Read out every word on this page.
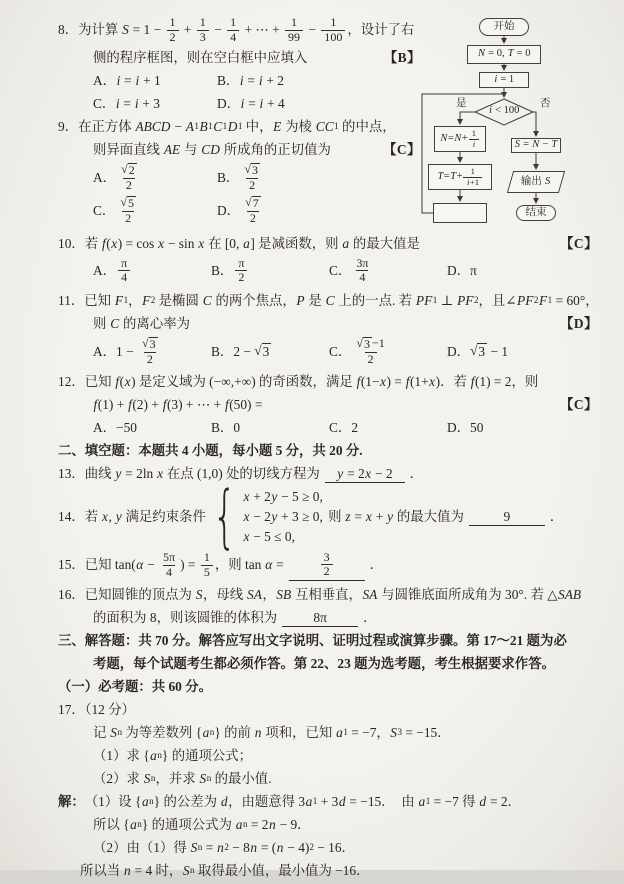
8．为计算 $S = 1 - \frac{1}{2} + \frac{1}{3} - \frac{1}{4}$ + ⋯ + $\frac{1}{99} - \frac{1}{100}$ ，设计了右
侧的程序框图，则在空白框中应填入	【B】
A． i = i + 1	B． i = i + 2
C． i = i + 3	D． i = i + 4
9．在正方体 ABCD − A 1 B 1 C 1 D 1 中， E 为棱 CC 1 的中点，
则异面直线 AE 与 CD 所成角的正切值为	【C】
A． $\frac{√ 2}{2}$	B． $\frac{√ 3}{2}$
C． $\frac{√ 5}{2}$	D． $\frac{√ 7}{2}$
10．若 f ( x ) = cos x − sin x 在 [0, a ] 是减函数，则 a 的最大值是	【C】
A． $\frac{\pi}{4}$	B． $\frac{\pi}{2}$	C． $\frac{3\pi}{4}$	D．π
11．已知 F 1 ， F 2 是椭圆 C 的两个焦点， P 是 C 上的一点. 若 PF 1 ⊥ PF 2 ，且∠ PF 2 F 1 = 60°，
则 C 的离心率为	【D】
A．$1 - \frac{√ 3}{2}$	B．2 − √ 3	C． $\frac{√ 3 -1}{2}$	D． √ 3 − 1
12．已知 f ( x ) 是定义域为 (−∞,+∞) 的奇函数，满足 f (1− x ) = f (1+ x )．若 f (1) = 2，则
f (1) + f (2) + f (3) + ⋯ + f (50) =	【C】
A．−50	B．0	C．2	D．50
二、填空题：本题共 4 小题，每小题 5 分，共 20 分.
13．曲线 y = 2ln x 在点 (1,0) 处的切线方程为 y = 2 x − 2 ．
14．若 x , y 满足约束条件 { x + 2 y − 5 ≥ 0,
x − 2 y + 3 ≥ 0,
x − 5 ≤ 0,
则 z = x + y 的最大值为	9	．
15．已知 tan( $\alpha - \frac{5\pi}{4}$ ) = $\frac{1}{5}$ ，则 tan α =	$\frac{3}{2}$	．
16．已知圆锥的顶点为 S ，母线 SA ， SB 互相垂直， SA 与圆锥底面所成角为 30°. 若 △ SAB
的面积为 8，则该圆锥的体积为	8π	．
三、解答题：共 70 分。解答应写出文字说明、证明过程或演算步骤。第 17～21 题为必
考题，每个试题考生都必须作答。第 22、23 题为选考题，考生根据要求作答。
（一）必考题：共 60 分。
17．（12 分）
记 S n 为等差数列 { a n } 的前 n 项和，已知 a 1 = −7， S 3 = −15．
（1）求 { a n } 的通项公式；
（2）求 S n ，并求 S n 的最小值.
解： （1）设 { a n } 的公差为 d ，由题意得 3 a 1 + 3 d = −15．  由 a 1 = −7 得 d = 2．
所以 { a n } 的通项公式为 a n = 2 n − 9．
（2）由（1）得 S n = n 2 − 8 n = ( n − 4) 2 − 16．
所以当 n = 4 时， S n 取得最小值，最小值为 −16．
开始
N = 0, T = 0
i = 1
i < 100
是	否
$N = N + \frac{1}{i}$
$T = T + \frac{1}{i+1}$
S = N − T
输出 S
结束
